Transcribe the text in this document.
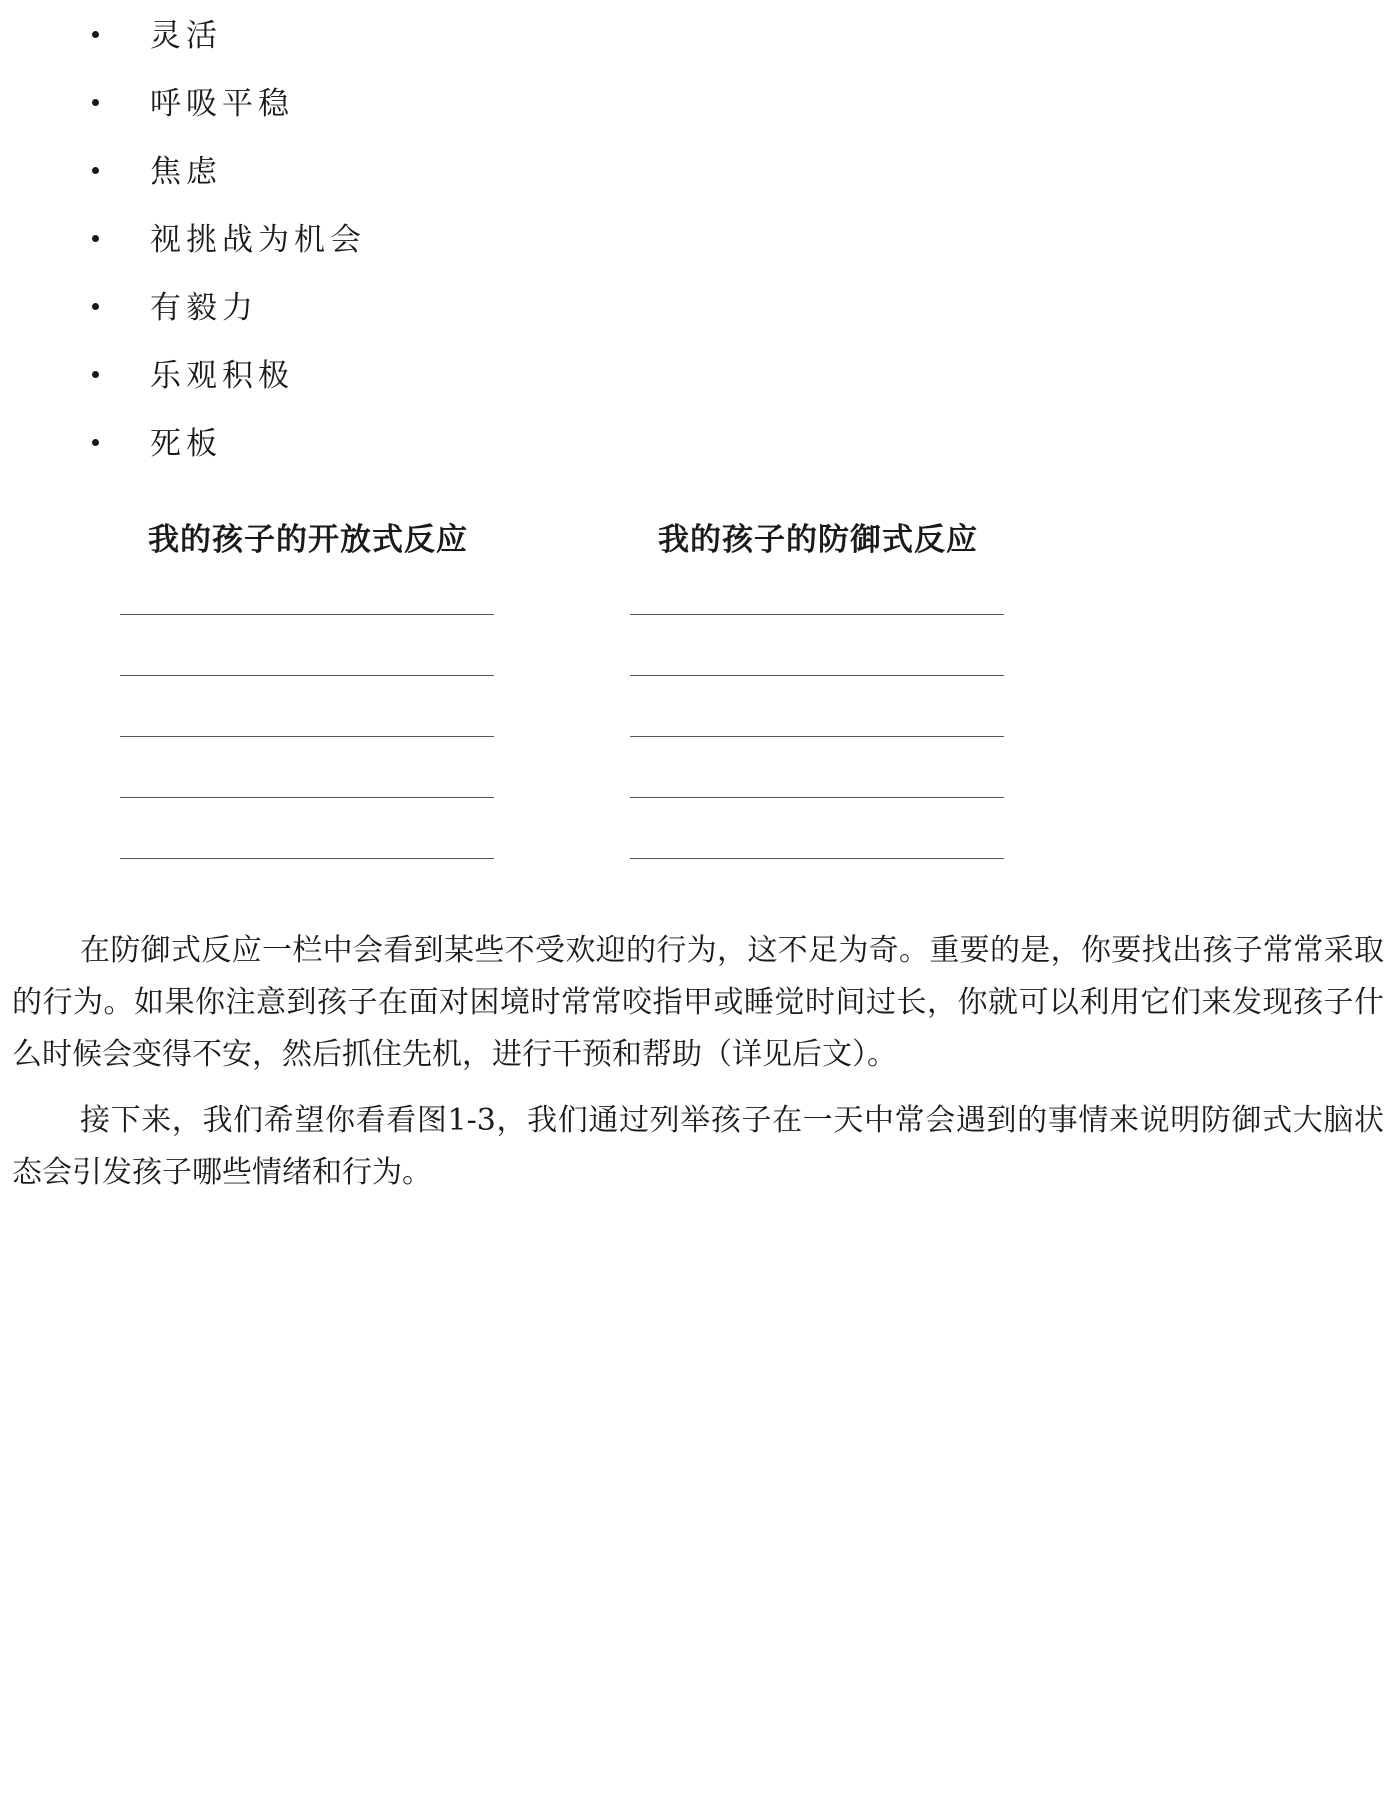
灵活
呼吸平稳
焦虑
视挑战为机会
有毅力
乐观积极
死板
我的孩子的开放式反应	我的孩子的防御式反应

在防御式反应一栏中会看到某些不受欢迎的行为，这不足为奇。重要的是，你要找出孩子常常采取的行为。如果你注意到孩子在面对困境时常常咬指甲或睡觉时间过长，你就可以利用它们来发现孩子什么时候会变得不安，然后抓住先机，进行干预和帮助（详见后文）。

接下来，我们希望你看看图1-3，我们通过列举孩子在一天中常会遇到的事情来说明防御式大脑状态会引发孩子哪些情绪和行为。
